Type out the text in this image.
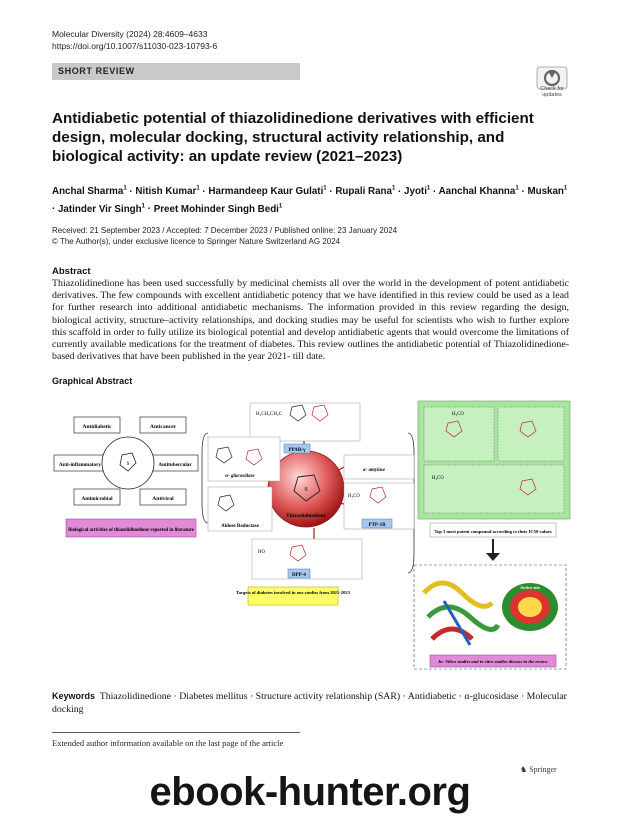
Molecular Diversity (2024) 28:4609–4633
https://doi.org/10.1007/s11030-023-10793-6
SHORT REVIEW
Check for
updates
Antidiabetic potential of thiazolidinedione derivatives with efficient design, molecular docking, structural activity relationship, and biological activity: an update review (2021–2023)
Anchal Sharma$^1$ · Nitish Kumar$^1$ · Harmandeep Kaur Gulati$^1$ · Rupali Rana$^1$ · Jyoti$^1$ · Aanchal Khanna$^1$ · Muskan$^1$ · Jatinder Vir Singh$^1$ · Preet Mohinder Singh Bedi$^1$
Received: 21 September 2023 / Accepted: 7 December 2023 / Published online: 23 January 2024
© The Author(s), under exclusive licence to Springer Nature Switzerland AG 2024
Abstract
Thiazolidinedione has been used successfully by medicinal chemists all over the world in the development of potent antidiabetic derivatives. The few compounds with excellent antidiabetic potency that we have identified in this review could be used as a lead for further research into additional antidiabetic mechanisms. The information provided in this review regarding the design, biological activity, structure–activity relationships, and docking studies may be useful for scientists who wish to further explore this scaffold in order to fully utilize its biological potential and develop antidiabetic agents that would overcome the limitations of currently available medications for the treatment of diabetes. This review outlines the antidiabetic potential of Thiazolidinedione-based derivatives that have been published in the year 2021- till date.
Graphical Abstract
Antidiabetic	Anticancer
Anti-inflammatory	Antitubercular
Antimicrobial	Antiviral
S
Biological activities of thiazolidinedione reported in literature
S
Thiazolidinedione
H₃CH₂CH₂C
PPAR-γ
α- glucosidase
α- amylase
H₃CO
PTP-1B
HO
DPP-4
Aldose Reductase
Targets of diabetes involved in our studies from 2021-2023
H₃CO
H₃CO
Top 3 most potent compound according to their IC50 values
Active site
In- Silico studies and in vitro studies discuss in the review
Keywords Thiazolidinedione · Diabetes mellitus · Structure activity relationship (SAR) · Antidiabetic · α-glucosidase · Molecular docking
Extended author information available on the last page of the article
♞ Springer
ebook-hunter.org
